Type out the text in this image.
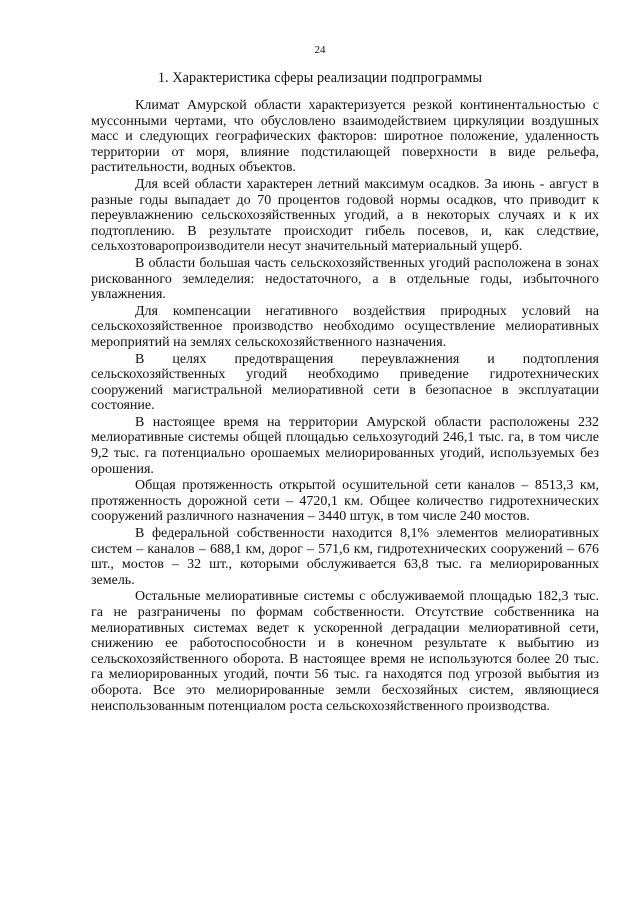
24
1. Характеристика сферы реализации подпрограммы

Климат Амурской области характеризуется резкой континентальностью с муссонными чертами, что обусловлено взаимодействием циркуляции воздушных масс и следующих географических факторов: широтное положение, удаленность территории от моря, влияние подстилающей поверхности в виде рельефа, растительности, водных объектов.

Для всей области характерен летний максимум осадков. За июнь - август в разные годы выпадает до 70 процентов годовой нормы осадков, что приводит к переувлажнению сельскохозяйственных угодий, а в некоторых случаях и к их подтоплению. В результате происходит гибель посевов, и, как следствие, сельхозтоваропроизводители несут значительный материальный ущерб.

В области большая часть сельскохозяйственных угодий расположена в зонах рискованного земледелия: недостаточного, а в отдельные годы, избыточного увлажнения.

Для компенсации негативного воздействия природных условий на сельскохозяйственное производство необходимо осуществление мелиоративных мероприятий на землях сельскохозяйственного назначения.

В целях предотвращения переувлажнения и подтопления сельскохозяйственных угодий необходимо приведение гидротехнических сооружений магистральной мелиоративной сети в безопасное в эксплуатации состояние.

В настоящее время на территории Амурской области расположены 232 мелиоративные системы общей площадью сельхозугодий 246,1 тыс. га, в том числе 9,2 тыс. га потенциально орошаемых мелиорированных угодий, используемых без орошения.

Общая протяженность открытой осушительной сети каналов – 8513,3 км, протяженность дорожной сети – 4720,1 км. Общее количество гидротехнических сооружений различного назначения – 3440 штук, в том числе 240 мостов.

В федеральной собственности находится 8,1% элементов мелиоративных систем – каналов – 688,1 км, дорог – 571,6 км, гидротехнических сооружений – 676 шт., мостов – 32 шт., которыми обслуживается 63,8 тыс. га мелиорированных земель.

Остальные мелиоративные системы с обслуживаемой площадью 182,3 тыс. га не разграничены по формам собственности. Отсутствие собственника на мелиоративных системах ведет к ускоренной деградации мелиоративной сети, снижению ее работоспособности и в конечном результате к выбытию из сельскохозяйственного оборота. В настоящее время не используются более 20 тыс. га мелиорированных угодий, почти 56 тыс. га находятся под угрозой выбытия из оборота. Все это мелиорированные земли бесхозяйных систем, являющиеся неиспользованным потенциалом роста сельскохозяйственного производства.
